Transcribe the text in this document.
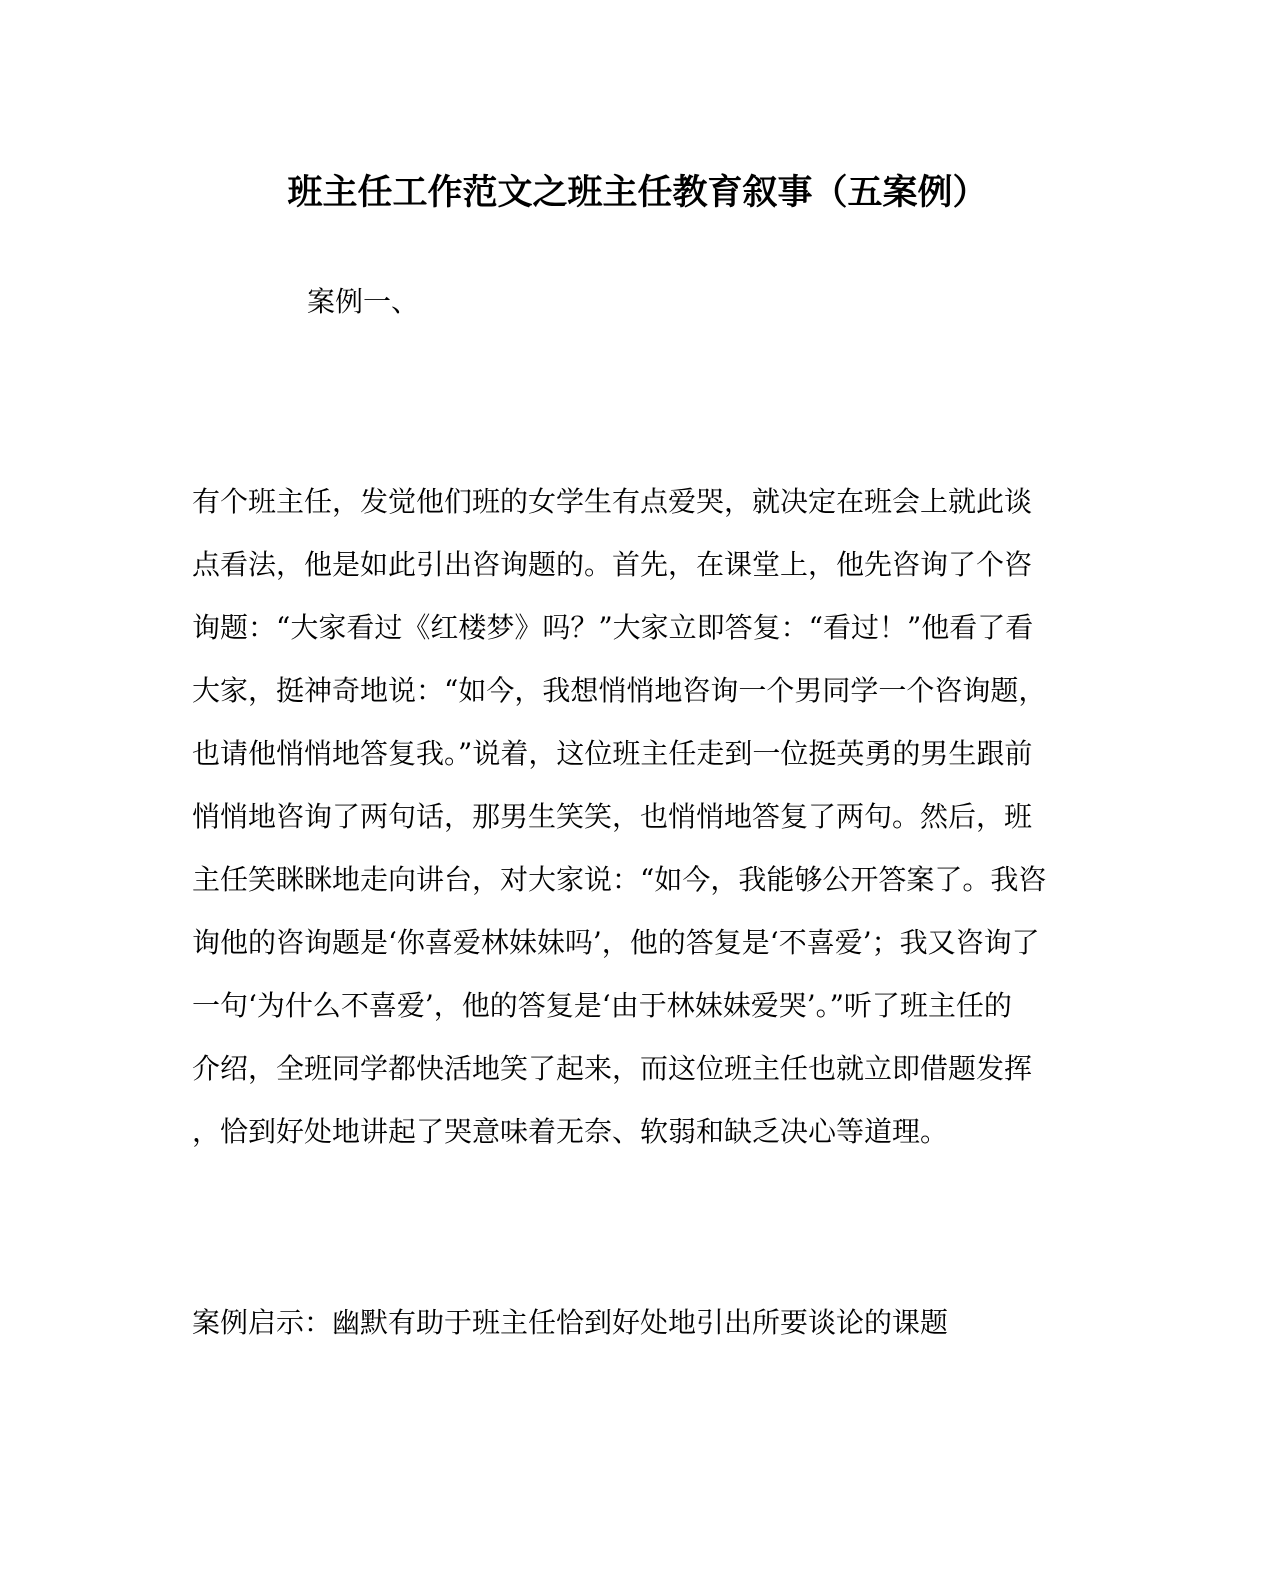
班主任工作范文之班主任教育叙事（五案例）
案例一、
有个班主任，发觉他们班的女学生有点爱哭，就决定在班会上就此谈
点看法，他是如此引出咨询题的。首先，在课堂上，他先咨询了个咨
询题：“大家看过《红楼梦》吗？”大家立即答复：“看过！”他看了看
大家，挺神奇地说：“如今，我想悄悄地咨询一个男同学一个咨询题，
也请他悄悄地答复我。”说着，这位班主任走到一位挺英勇的男生跟前
悄悄地咨询了两句话，那男生笑笑，也悄悄地答复了两句。然后，班
主任笑眯眯地走向讲台，对大家说：“如今，我能够公开答案了。我咨
询他的咨询题是‘你喜爱林妹妹吗’，他的答复是‘不喜爱’；我又咨询了
一句‘为什么不喜爱’，他的答复是‘由于林妹妹爱哭’。”听了班主任的
介绍，全班同学都快活地笑了起来，而这位班主任也就立即借题发挥
，恰到好处地讲起了哭意味着无奈、软弱和缺乏决心等道理。
案例启示：幽默有助于班主任恰到好处地引出所要谈论的课题
